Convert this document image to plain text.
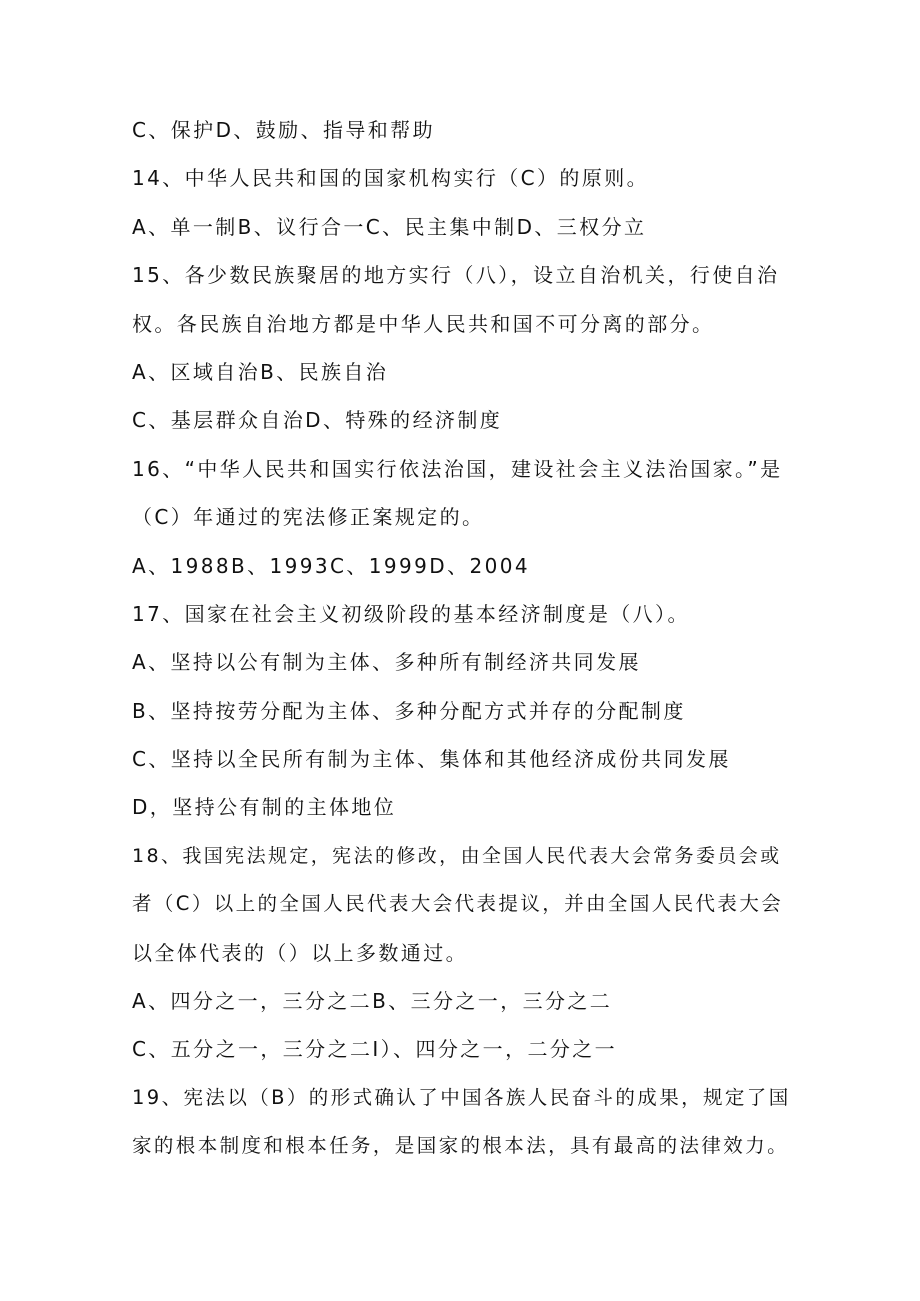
C、保护D、鼓励、指导和帮助
14、中华人民共和国的国家机构实行（C）的原则。
A、单一制B、议行合一C、民主集中制D、三权分立
15、各少数民族聚居的地方实行（八），设立自治机关，行使自治
权。各民族自治地方都是中华人民共和国不可分离的部分。
A、区域自治B、民族自治
C、基层群众自治D、特殊的经济制度
16、“中华人民共和国实行依法治国，建设社会主义法治国家。”是
（C）年通过的宪法修正案规定的。
A、1988B、1993C、1999D、2004
17、国家在社会主义初级阶段的基本经济制度是（八）。
A、坚持以公有制为主体、多种所有制经济共同发展
B、坚持按劳分配为主体、多种分配方式并存的分配制度
C、坚持以全民所有制为主体、集体和其他经济成份共同发展
D，坚持公有制的主体地位
18、我国宪法规定，宪法的修改，由全国人民代表大会常务委员会或
者（C）以上的全国人民代表大会代表提议，并由全国人民代表大会
以全体代表的（）以上多数通过。
A、四分之一，三分之二B、三分之一，三分之二
C、五分之一，三分之二I）、四分之一，二分之一
19、宪法以（B）的形式确认了中国各族人民奋斗的成果，规定了国
家的根本制度和根本任务，是国家的根本法，具有最高的法律效力。
